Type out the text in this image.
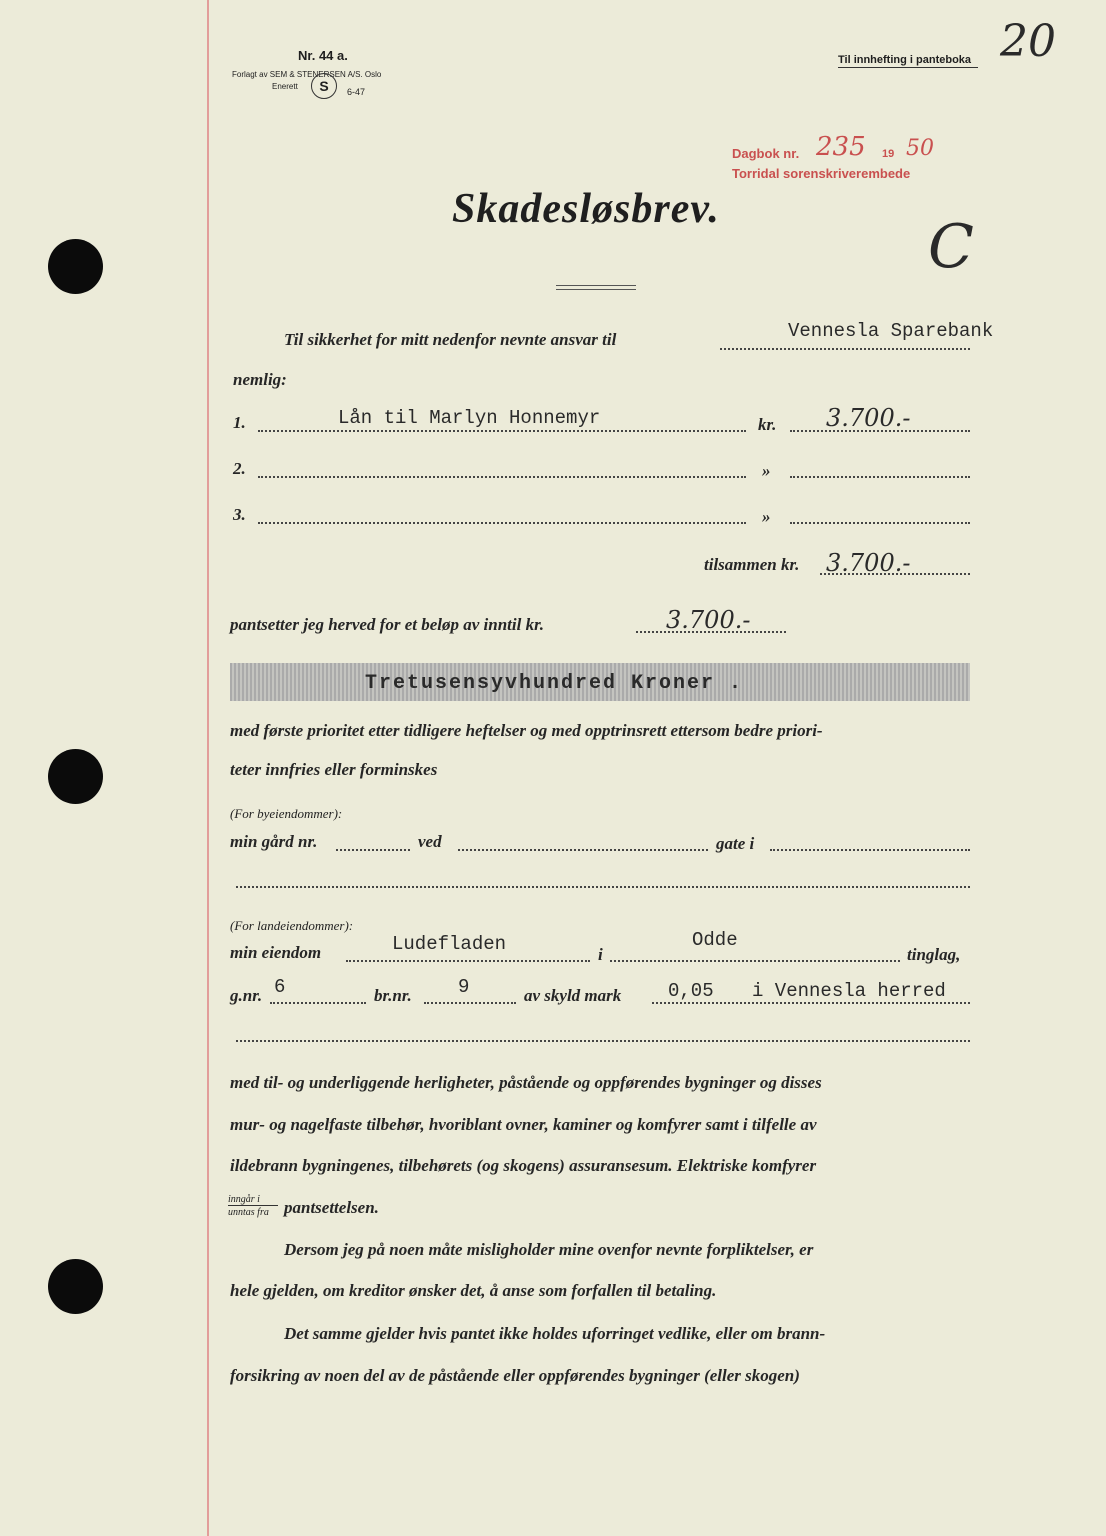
Nr. 44 a.
Forlagt av SEM & STENERSEN A/S. Oslo
Enerett	S	6-47
Til innhefting i panteboka 20
Dagbok nr. 235 19 50
Torridal sorenskriverembede
Skadesløsbrev.
C
Til sikkerhet for mitt nedenfor nevnte ansvar til	Vennesla Sparebank
nemlig:
1.	Lån til Marlyn Honnemyr	kr. 3.700.-
2.	»
3.	»
tilsammen kr. 3.700.-
pantsetter jeg herved for et beløp av inntil kr.	3.700.-
Tretusensyvhundred Kroner .
med første prioritet etter tidligere heftelser og med opptrinsrett ettersom bedre priori-
teter innfries eller forminskes
(For byeiendommer):
min gård nr.	ved	gate i
(For landeiendommer):
min eiendom	Ludefladen	i
Odde
tinglag,
g.nr. 6	br.nr. 9	av skyld mark 0,05 i Vennesla herred
med til- og underliggende herligheter, påstående og oppførendes bygninger og disses
mur- og nagelfaste tilbehør, hvoriblant ovner, kaminer og komfyrer samt i tilfelle av
ildebrann bygningenes, tilbehørets (og skogens) assuransesum. Elektriske komfyrer
inngår i
unntas fra pantsettelsen.
Dersom jeg på noen måte misligholder mine ovenfor nevnte forpliktelser, er
hele gjelden, om kreditor ønsker det, å anse som forfallen til betaling.
Det samme gjelder hvis pantet ikke holdes uforringet vedlike, eller om brann-
forsikring av noen del av de påstående eller oppførendes bygninger (eller skogen)
